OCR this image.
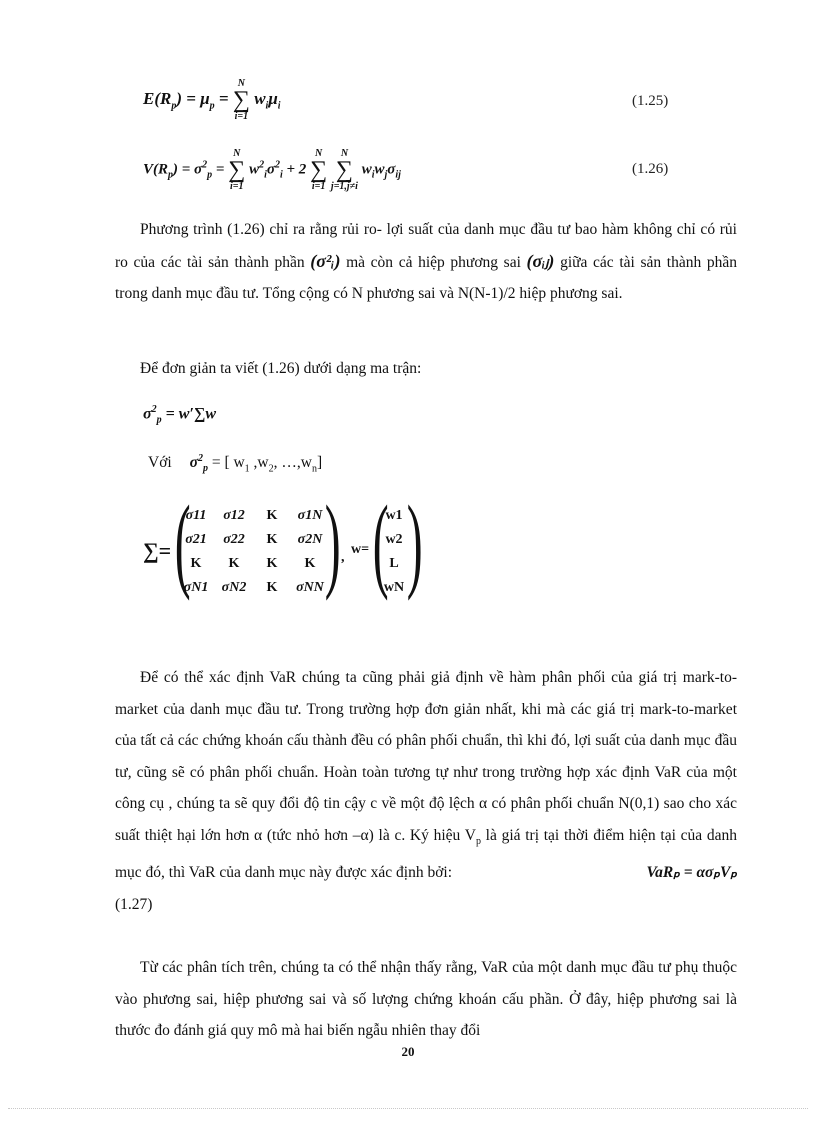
$E(R_p) = \mu_p = N$
∑
i=1 $w_i\mu_i$	(1.25)
$V(R_p) = \sigma^2_p = N$
∑
i=1 $w^2_i\sigma^2_i + 2$ N
∑
i=1 N
∑
j=1,j≠i $w_iw_j\sigma_{ij}$	(1.26)
Phương trình (1.26) chỉ ra rằng rủi ro- lợi suất của danh mục đầu tư bao hàm không chỉ có rủi ro của các tài sản thành phần (σ²ᵢ) mà còn cả hiệp phương sai (σᵢⱼ) giữa các tài sản thành phần trong danh mục đầu tư. Tổng cộng có N phương sai và N(N-1)/2 hiệp phương sai.
Để đơn giản ta viết (1.26) dưới dạng ma trận:
$\sigma^2_p = w'\sum w$
Với $\sigma^2_p$ = [ $w_1$ $,w_2$, $\dots,w_n$]
∑= (
σ11	σ12	K	σ1N
σ21	σ22	K	σ2N
K	K	K	K
σN1 σN2	K	σNN ) ,
w= (
w1
w2
L
wN )
Để có thể xác định VaR chúng ta cũng phải giả định về hàm phân phối của giá trị mark-to-market của danh mục đầu tư. Trong trường hợp đơn giản nhất, khi mà các giá trị mark-to-market của tất cả các chứng khoán cấu thành đều có phân phối chuẩn, thì khi đó, lợi suất của danh mục đầu tư, cũng sẽ có phân phối chuẩn. Hoàn toàn tương tự như trong trường hợp xác định VaR của một công cụ , chúng ta sẽ quy đổi độ tin cậy c về một độ lệch α có phân phối chuẩn N(0,1) sao cho xác suất thiệt hại lớn hơn α (tức nhỏ hơn –α) là c. Ký hiệu $V_p$ là giá trị tại thời điểm hiện tại của danh mục đó, thì VaR của danh mục này được xác định bởi:	VaRₚ = ασₚVₚ

(1.27)
Từ các phân tích trên, chúng ta có thể nhận thấy rằng, VaR của một danh mục đầu tư phụ thuộc vào phương sai, hiệp phương sai và số lượng chứng khoán cấu phần. Ở đây, hiệp phương sai là thước đo đánh giá quy mô mà hai biến ngẫu nhiên thay đổi
20
